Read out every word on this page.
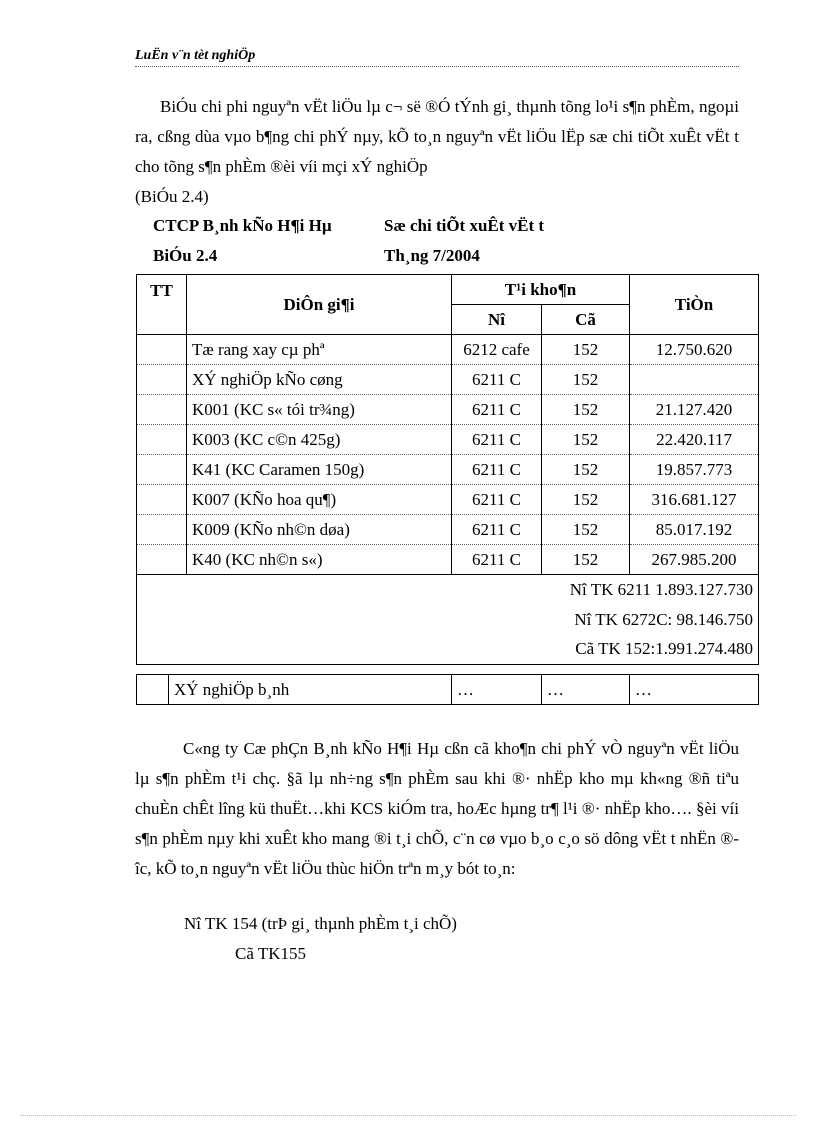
LuËn v¨n tèt nghiÖp
BiÓu chi phi nguyªn vËt liÖu lµ c¬ së ®Ó tÝnh gi¸ thµnh tõng lo¹i s¶n phÈm, ngoµi ra, cßng dùa vµo b¶ng chi phÝ nµy, kÕ to¸n nguyªn vËt liÖu lËp sæ chi tiÕt xuÊt vËt t cho tõng s¶n phÈm ®èi víi mçi xÝ nghiÖp
(BiÓu 2.4)
CTCP B¸nh kÑo H¶i Hµ	Sæ chi tiÕt xuÊt vËt t
BiÓu 2.4	Th¸ng 7/2004
TT	DiÔn gi¶i	T¹i kho¶n		TiÒn
		Nî	Cã	
	Tæ rang xay cµ phª	6212 cafe	152	12.750.620
	XÝ nghiÖp kÑo cøng	6211 C	152	
	K001 (KC s« tói tr¾ng)	6211 C	152	21.127.420
	K003 (KC c©n 425g)	6211 C	152	22.420.117
	K41 (KC Caramen 150g)	6211 C	152	19.857.773
	K007 (KÑo hoa qu¶)	6211 C	152	316.681.127
	K009 (KÑo nh©n døa)	6211 C	152	85.017.192
	K40 (KC nh©n s«)	6211 C	152	267.985.200
Nî TK 6211 1.893.127.730				
Nî TK 6272C: 98.146.750				
Cã TK 152:1.991.274.480				
	XÝ nghiÖp b¸nh	…	…	…
C«ng ty Cæ phÇn B¸nh kÑo H¶i Hµ cßn cã kho¶n chi phÝ vÒ nguyªn vËt liÖu lµ s¶n phÈm t¹i chç. §ã lµ nh÷ng s¶n phÈm sau khi ®· nhËp kho mµ kh«ng ®ñ tiªu chuÈn chÊt lîng kü thuËt…khi KCS kiÓm tra, hoÆc hµng tr¶ l¹i ®· nhËp kho…. §èi víi s¶n phÈm nµy khi xuÊt kho mang ®i t¸i chÕ, c¨n cø vµo b¸o c¸o sö dông vËt t nhËn ®îc, kÕ to¸n nguyªn vËt liÖu thùc hiÖn trªn m¸y bót to¸n:
Nî TK 154 (trÞ gi¸ thµnh phÈm t¸i chÕ)
Cã TK155
